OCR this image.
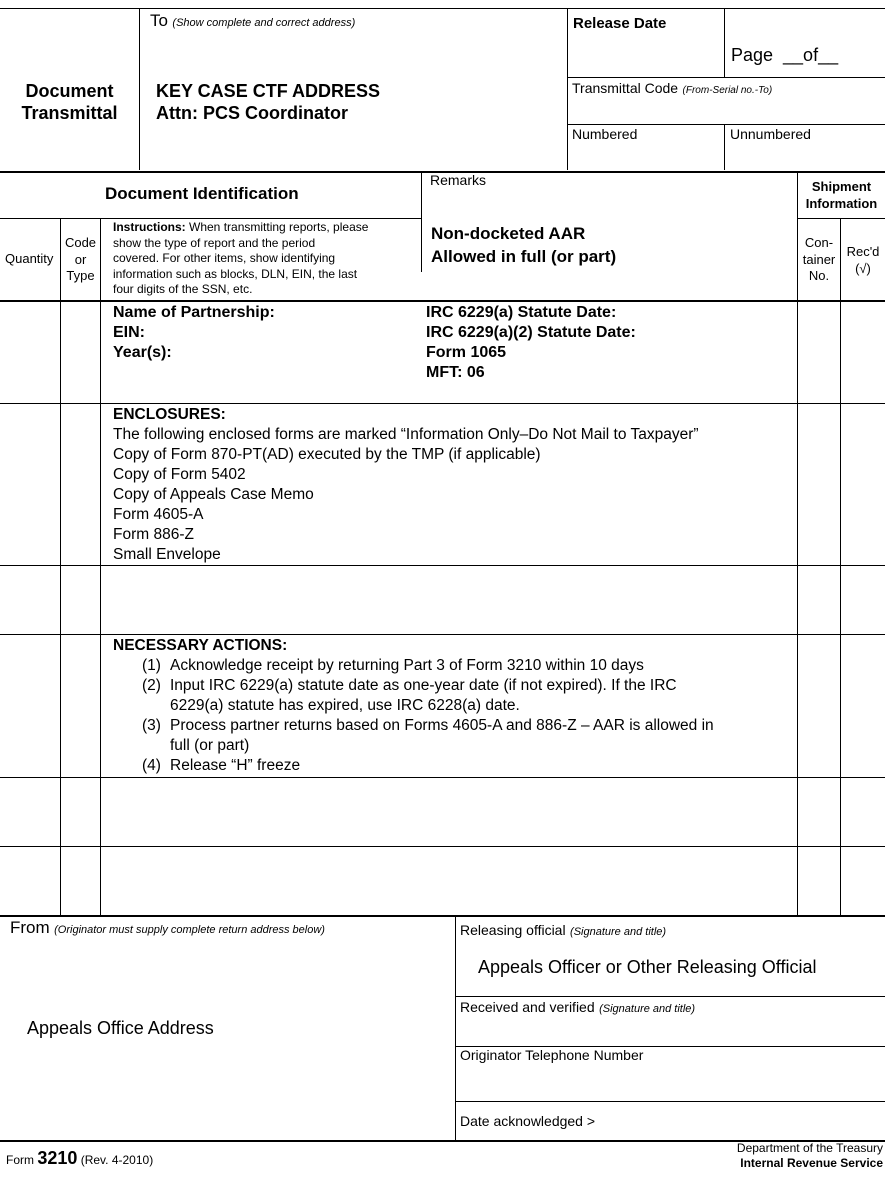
Document
Transmittal
To (Show complete and correct address)
KEY CASE CTF ADDRESS
Attn: PCS Coordinator
Release Date
Page  __of__
Transmittal Code (From-Serial no.-To)
Numbered	Unnumbered
Document Identification
Remarks
Non-docketed AAR
Allowed in full (or part)
Shipment
Information
Quantity
Code
or
Type
Instructions: When transmitting reports, please
show the type of report and the period
covered. For other items, show identifying
information such as blocks, DLN, EIN, the last
four digits of the SSN, etc.
Con-
tainer
No.
Rec'd
(√)
Name of Partnership:
EIN:
Year(s):
IRC 6229(a) Statute Date:
IRC 6229(a)(2) Statute Date:
Form 1065
MFT: 06
ENCLOSURES:
The following enclosed forms are marked “Information Only–Do Not Mail to Taxpayer”
Copy of Form 870-PT(AD) executed by the TMP (if applicable)
Copy of Form 5402
Copy of Appeals Case Memo
Form 4605-A
Form 886-Z
Small Envelope
NECESSARY ACTIONS:
(1) Acknowledge receipt by returning Part 3 of Form 3210 within 10 days
(2) Input IRC 6229(a) statute date as one-year date (if not expired). If the IRC
6229(a) statute has expired, use IRC 6228(a) date.
(3) Process partner returns based on Forms 4605-A and 886-Z – AAR is allowed in
full (or part)
(4) Release “H” freeze
From (Originator must supply complete return address below)
Appeals Office Address
Releasing official (Signature and title)
Appeals Officer or Other Releasing Official
Received and verified (Signature and title)
Originator Telephone Number
Date acknowledged >
Form 3210 (Rev. 4-2010)
Department of the Treasury
Internal Revenue Service
